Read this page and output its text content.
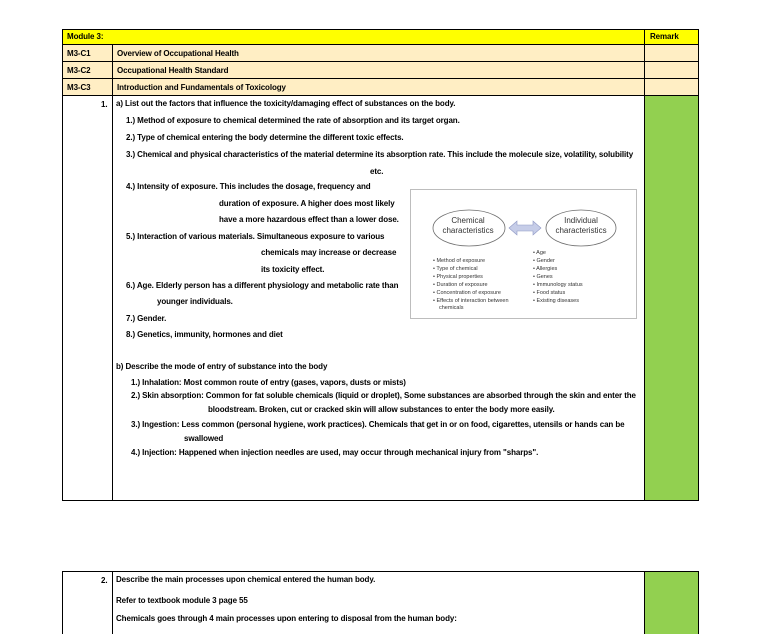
Module 3:	Remark
M3-C1	Overview of Occupational Health
M3-C2	Occupational Health Standard
M3-C3	Introduction and Fundamentals of Toxicology
1. a) List out the factors that influence the toxicity/damaging effect of substances on the body.
1.) Method of exposure to chemical determined the rate of absorption and its target organ.
2.) Type of chemical entering the body determine the different toxic effects.
3.) Chemical and physical characteristics of the material determine its absorption rate. This include the molecule size, volatility, solubility
etc.
4.) Intensity of exposure. This includes the dosage, frequency and
duration of exposure. A higher does most likely
have a more hazardous effect than a lower dose.
5.) Interaction of various materials. Simultaneous exposure to various
chemicals may increase or decrease
its toxicity effect.
6.) Age. Elderly person has a different physiology and metabolic rate than
younger individuals.
7.) Gender.
8.) Genetics, immunity, hormones and diet
b) Describe the mode of entry of substance into the body
1.) Inhalation: Most common route of entry (gases, vapors, dusts or mists)
2.) Skin absorption: Common for fat soluble chemicals (liquid or droplet), Some substances are absorbed through the skin and enter the
bloodstream. Broken, cut or cracked skin will allow substances to enter the body more easily.
3.) Ingestion: Less common (personal hygiene, work practices). Chemicals that get in or on food, cigarettes, utensils or hands can be
swallowed
4.) Injection: Happened when injection needles are used, may occur through mechanical injury from "sharps".
Chemical characteristics
Individual characteristics
• Method of exposure
• Type of chemical
• Physical properties
• Duration of exposure
• Concentration of exposure
• Effects of interaction between
chemicals
• Age
• Gender
• Allergies
• Genes
• Immunology status
• Food status
• Existing diseases
2. Describe the main processes upon chemical entered the human body.
Refer to textbook module 3 page 55
Chemicals goes through 4 main processes upon entering to disposal from the human body:
